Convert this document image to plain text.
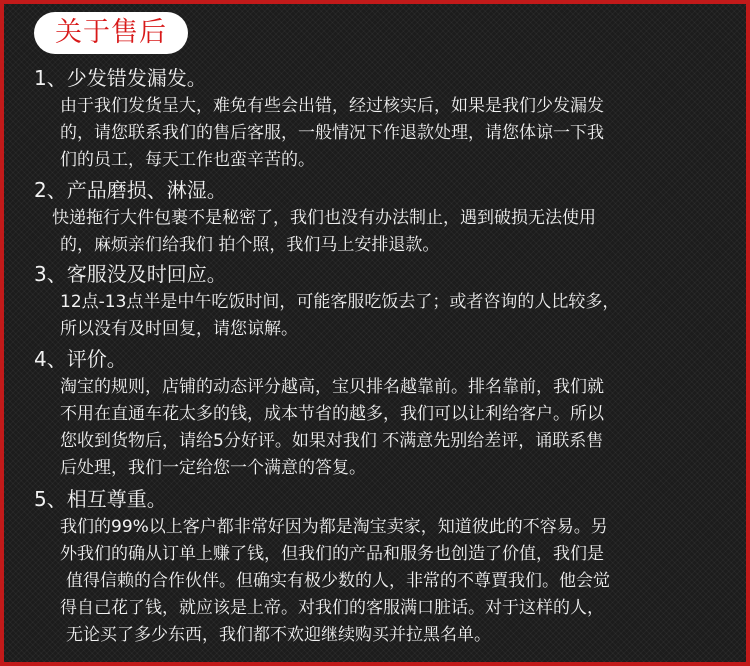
关于售后
1、少发错发漏发。
由于我们发货呈大，难免有些会出错，经过核实后，如果是我们少发漏发
的，请您联系我们的售后客服，一般情况下作退款处理，请您体谅一下我
们的员工，每天工作也蛮辛苦的。
2、产品磨损、淋湿。
快递拖行大件包裹不是秘密了，我们也没有办法制止，遇到破损无法使用
的，麻烦亲们给我们 拍个照，我们马上安排退款。
3、客服没及时回应。
12点-13点半是中午吃饭时间，可能客服吃饭去了；或者咨询的人比较多，
所以没有及时回复，请您谅解。
4、评价。
淘宝的规则，店铺的动态评分越高，宝贝排名越靠前。排名靠前，我们就
不用在直通车花太多的钱，成本节省的越多，我们可以让利给客户。所以
您收到货物后，请给5分好评。如果对我们 不满意先别给差评，诵联系售
后处理，我们一定给您一个满意的答复。
5、相互尊重。
我们的99%以上客户都非常好因为都是淘宝卖家，知道彼此的不容易。另
外我们的确从订单上赚了钱，但我们的产品和服务也创造了价值，我们是
值得信赖的合作伙伴。但确实有极少数的人，非常的不尊賈我们。他会觉
得自己花了钱，就应该是上帝。对我们的客服满口脏话。对于这样的人，
无论买了多少东西，我们都不欢迎继续购买并拉黑名单。
